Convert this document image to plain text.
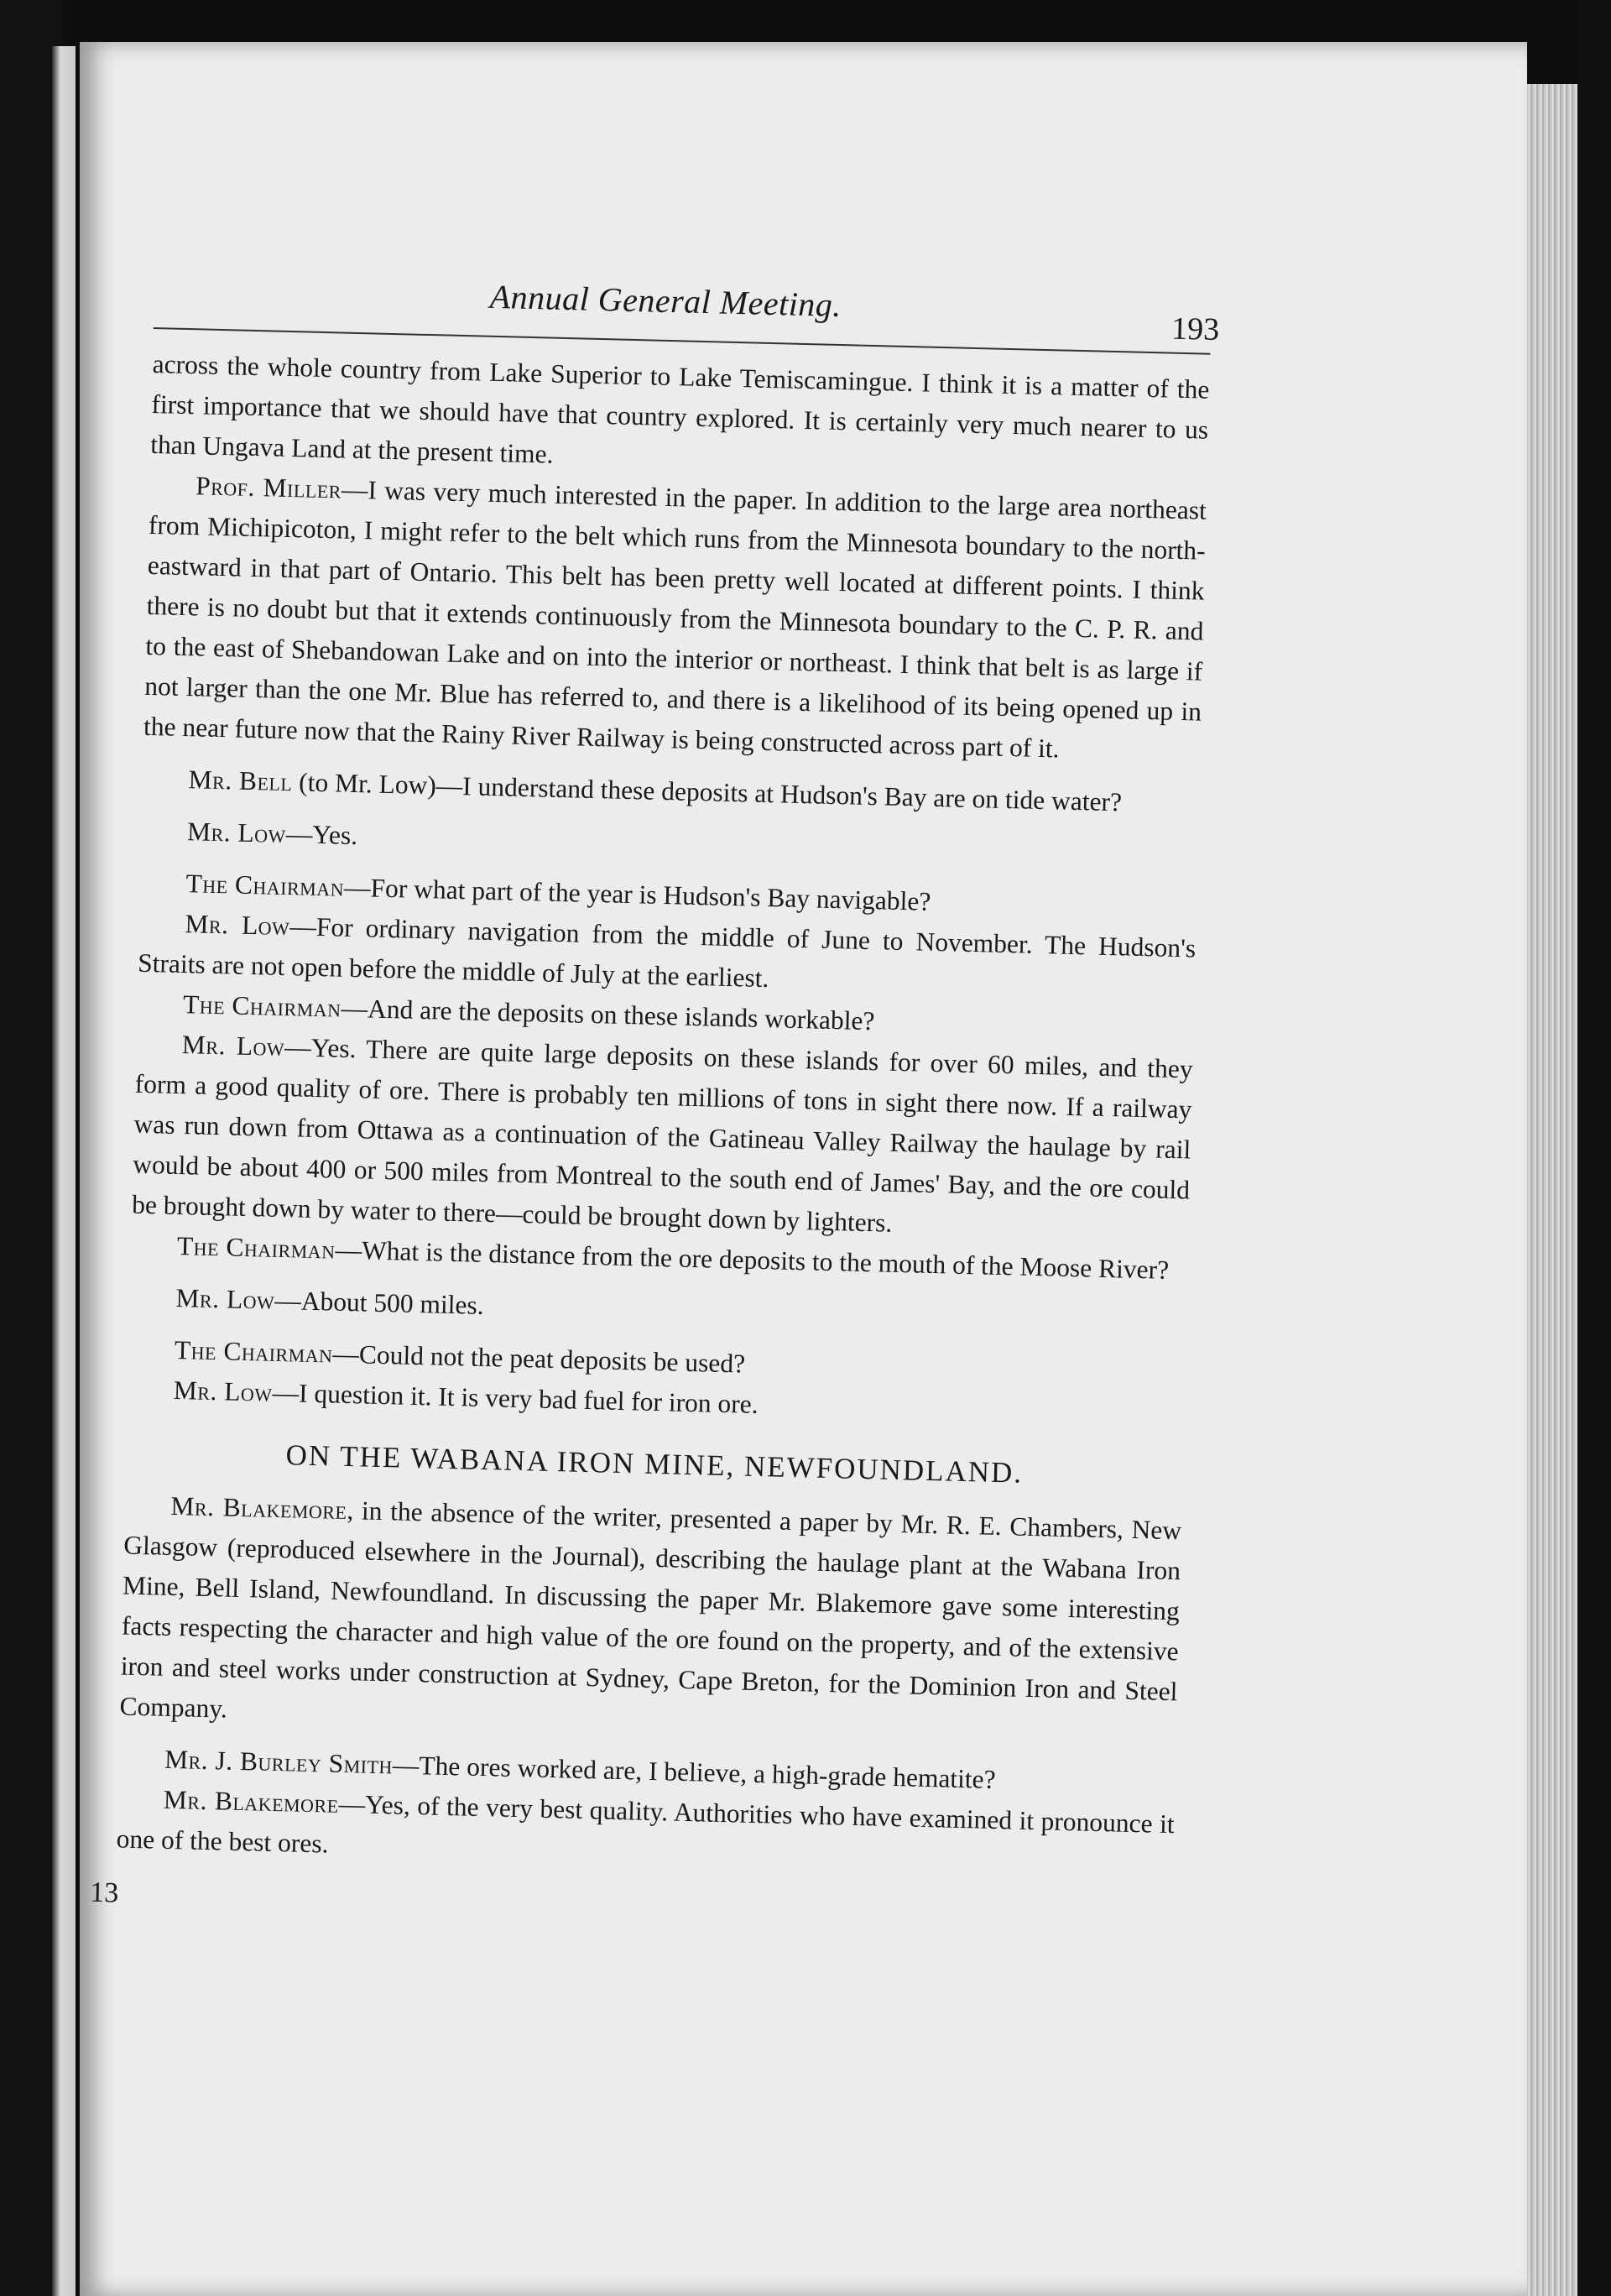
Annual General Meeting.
193

across the whole country from Lake Superior to Lake Temiscamingue. I think it is a matter of the first importance that we should have that country explored. It is certainly very much nearer to us than Ungava Land at the present time.

Prof. Miller—I was very much interested in the paper. In addition to the large area northeast from Michipicoton, I might refer to the belt which runs from the Minnesota boundary to the north-eastward in that part of Ontario. This belt has been pretty well located at different points. I think there is no doubt but that it extends continuously from the Minnesota boundary to the C. P. R. and to the east of Shebandowan Lake and on into the interior or northeast. I think that belt is as large if not larger than the one Mr. Blue has referred to, and there is a likelihood of its being opened up in the near future now that the Rainy River Railway is being constructed across part of it.

Mr. Bell (to Mr. Low)—I understand these deposits at Hudson's Bay are on tide water?

Mr. Low—Yes.

The Chairman—For what part of the year is Hudson's Bay navigable?

Mr. Low—For ordinary navigation from the middle of June to November. The Hudson's Straits are not open before the middle of July at the earliest.

The Chairman—And are the deposits on these islands workable?

Mr. Low—Yes. There are quite large deposits on these islands for over 60 miles, and they form a good quality of ore. There is probably ten millions of tons in sight there now. If a railway was run down from Ottawa as a continuation of the Gatineau Valley Railway the haulage by rail would be about 400 or 500 miles from Montreal to the south end of James' Bay, and the ore could be brought down by water to there—could be brought down by lighters.

The Chairman—What is the distance from the ore deposits to the mouth of the Moose River?

Mr. Low—About 500 miles.

The Chairman—Could not the peat deposits be used?

Mr. Low—I question it. It is very bad fuel for iron ore.

ON THE WABANA IRON MINE, NEWFOUNDLAND.

Mr. Blakemore, in the absence of the writer, presented a paper by Mr. R. E. Chambers, New Glasgow (reproduced elsewhere in the Journal), describing the haulage plant at the Wabana Iron Mine, Bell Island, Newfoundland. In discussing the paper Mr. Blakemore gave some interesting facts respecting the character and high value of the ore found on the property, and of the extensive iron and steel works under construction at Sydney, Cape Breton, for the Dominion Iron and Steel Company.

Mr. J. Burley Smith—The ores worked are, I believe, a high-grade hematite?

Mr. Blakemore—Yes, of the very best quality. Authorities who have examined it pronounce it one of the best ores.

13
